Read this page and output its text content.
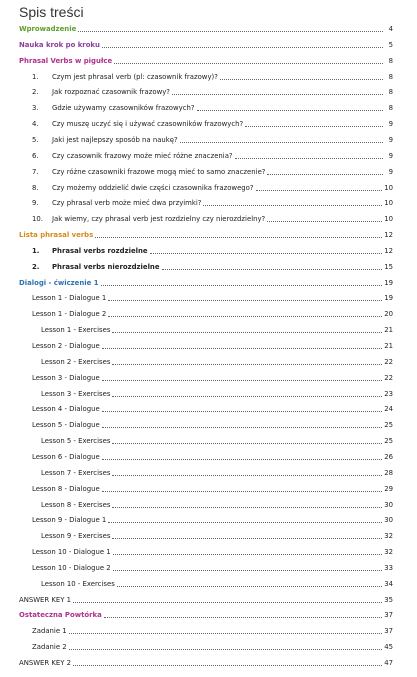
Spis treści
Wprowadzenie	4
Nauka krok po kroku	5
Phrasal Verbs w pigułce	8
1.	Czym jest phrasal verb (pl: czasownik frazowy)?	8
2.	Jak rozpoznać czasownik frazowy?	8
3.	Gdzie używamy czasowników frazowych?	8
4.	Czy muszę uczyć się i używać czasowników frazowych?	9
5.	Jaki jest najlepszy sposób na naukę?	9
6.	Czy czasownik frazowy może mieć różne znaczenia?	9
7.	Czy różne czasowniki frazowe mogą mieć to samo znaczenie?	9
8.	Czy możemy oddzielić dwie części czasownika frazowego?	10
9.	Czy phrasal verb może mieć dwa przyimki?	10
10.	Jak wiemy, czy phrasal verb jest rozdzielny czy nierozdzielny?	10
Lista phrasal verbs	12
1.	Phrasal verbs rozdzielne	12
2.	Phrasal verbs nierozdzielne	15
Dialogi - ćwiczenie 1	19
Lesson 1 - Dialogue 1	19
Lesson 1 - Dialogue 2	20
Lesson 1 - Exercises	21
Lesson 2 - Dialogue	21
Lesson 2 - Exercises	22
Lesson 3 - Dialogue	22
Lesson 3 - Exercises	23
Lesson 4 - Dialogue	24
Lesson 5 - Dialogue	25
Lesson 5 - Exercises	25
Lesson 6 - Dialogue	26
Lesson 7 - Exercises	28
Lesson 8 - Dialogue	29
Lesson 8 - Exercises	30
Lesson 9 - Dialogue 1	30
Lesson 9 - Exercises	32
Lesson 10 - Dialogue 1	32
Lesson 10 - Dialogue 2	33
Lesson 10 - Exercises	34
ANSWER KEY 1	35
Ostateczna Powtórka	37
Zadanie 1	37
Zadanie 2	45
ANSWER KEY 2	47
